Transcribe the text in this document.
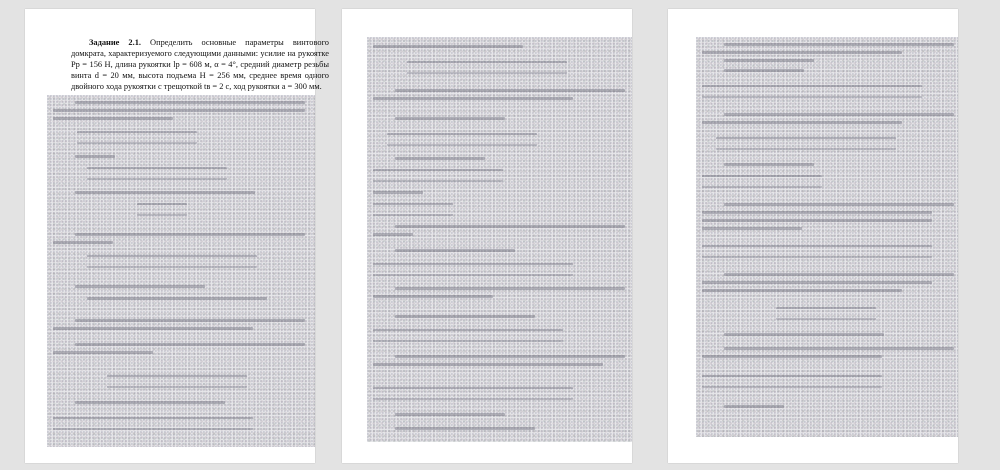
Задание 2.1. Определить основные параметры винтового домкрата, характеризуемого следующими данными: усилие на рукоятке Pр = 156 Н, длина рукоятки lр = 608 м, α = 4°, средний диаметр резьбы винта d = 20 мм, высота подъема H = 256 мм, среднее время одного двойного хода рукоятки с трещоткой tв = 2 с, ход рукоятки a = 300 мм.
